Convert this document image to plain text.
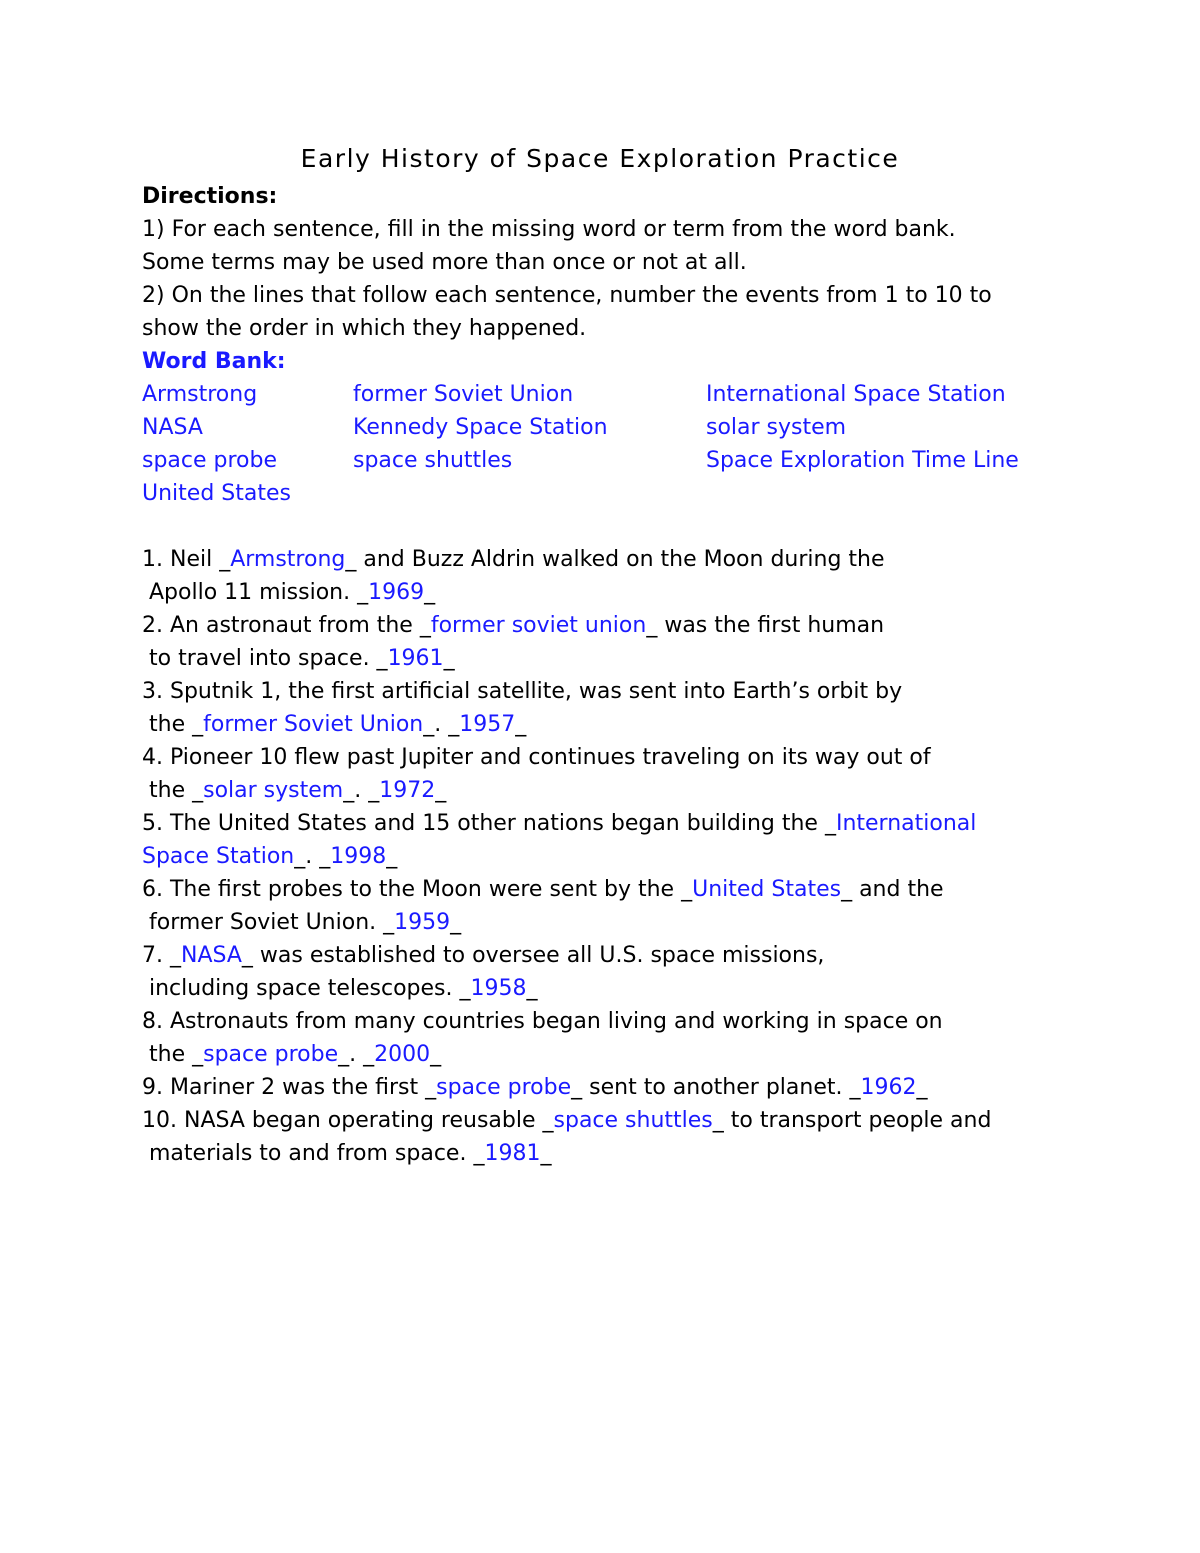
Early History of Space Exploration Practice
Directions:
1) For each sentence, fill in the missing word or term from the word bank.
Some terms may be used more than once or not at all.
2) On the lines that follow each sentence, number the events from 1 to 10 to
show the order in which they happened.
Word Bank:
Armstrong	former Soviet Union	International Space Station
NASA	Kennedy Space Station	solar system
space probe	space shuttles	Space Exploration Time Line
United States
1. Neil _Armstrong_ and Buzz Aldrin walked on the Moon during the
Apollo 11 mission. _1969_
2. An astronaut from the _former soviet union_ was the first human
to travel into space. _1961_
3. Sputnik 1, the first artificial satellite, was sent into Earth’s orbit by
the _former Soviet Union_. _1957_
4. Pioneer 10 flew past Jupiter and continues traveling on its way out of
the _solar system_. _1972_
5. The United States and 15 other nations began building the _International
Space Station_. _1998_
6. The first probes to the Moon were sent by the _United States_ and the
former Soviet Union. _1959_
7. _NASA_ was established to oversee all U.S. space missions,
including space telescopes. _1958_
8. Astronauts from many countries began living and working in space on
the _space probe_. _2000_
9. Mariner 2 was the first _space probe_ sent to another planet. _1962_
10. NASA began operating reusable _space shuttles_ to transport people and
materials to and from space. _1981_
